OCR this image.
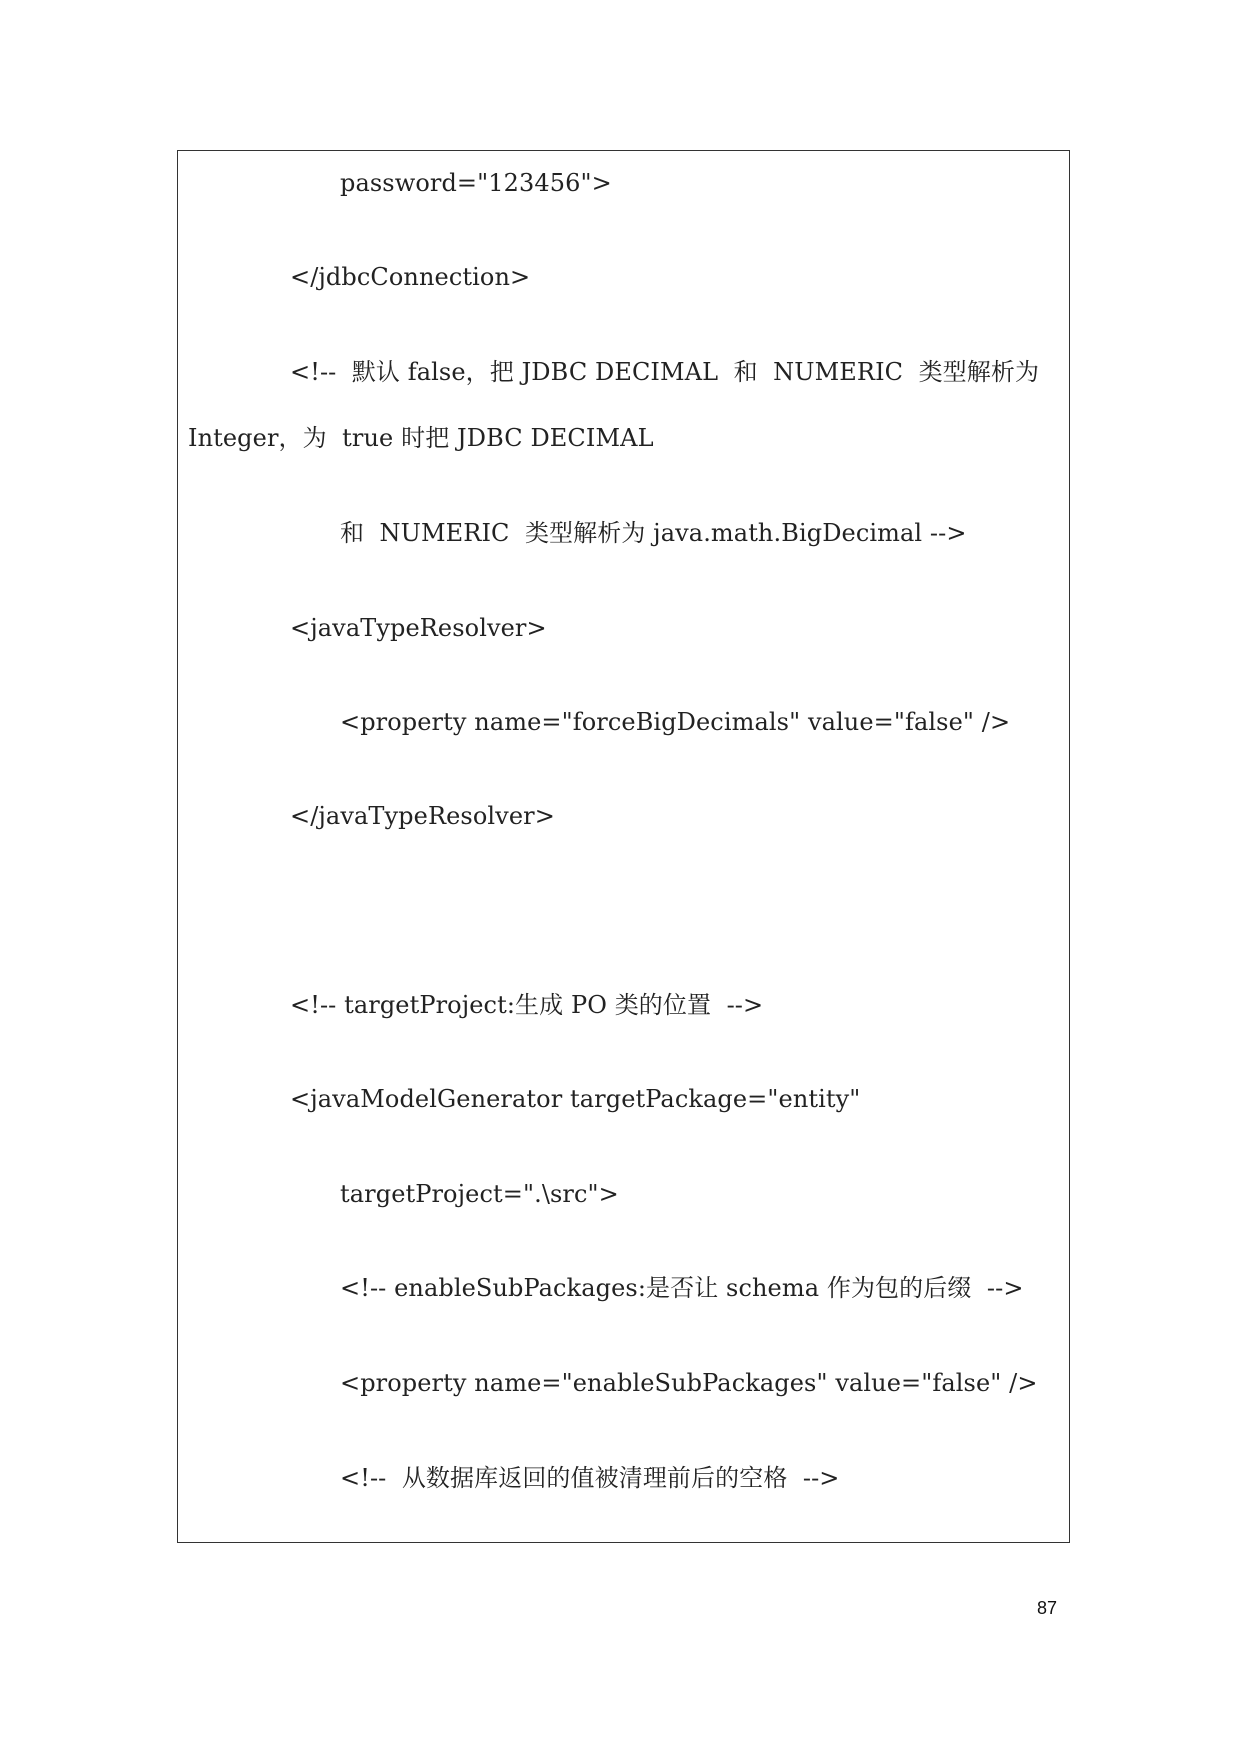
password="123456">
</jdbcConnection>
<!--  默认 false，把 JDBC DECIMAL  和  NUMERIC  类型解析为
Integer，为  true 时把 JDBC DECIMAL
和  NUMERIC  类型解析为 java.math.BigDecimal -->
<javaTypeResolver>
<property name="forceBigDecimals" value="false" />
</javaTypeResolver>
<!-- targetProject:生成 PO 类的位置  -->
<javaModelGenerator targetPackage="entity"
targetProject=".\src">
<!-- enableSubPackages:是否让 schema 作为包的后缀  -->
<property name="enableSubPackages" value="false" />
<!--  从数据库返回的值被清理前后的空格  -->
87
